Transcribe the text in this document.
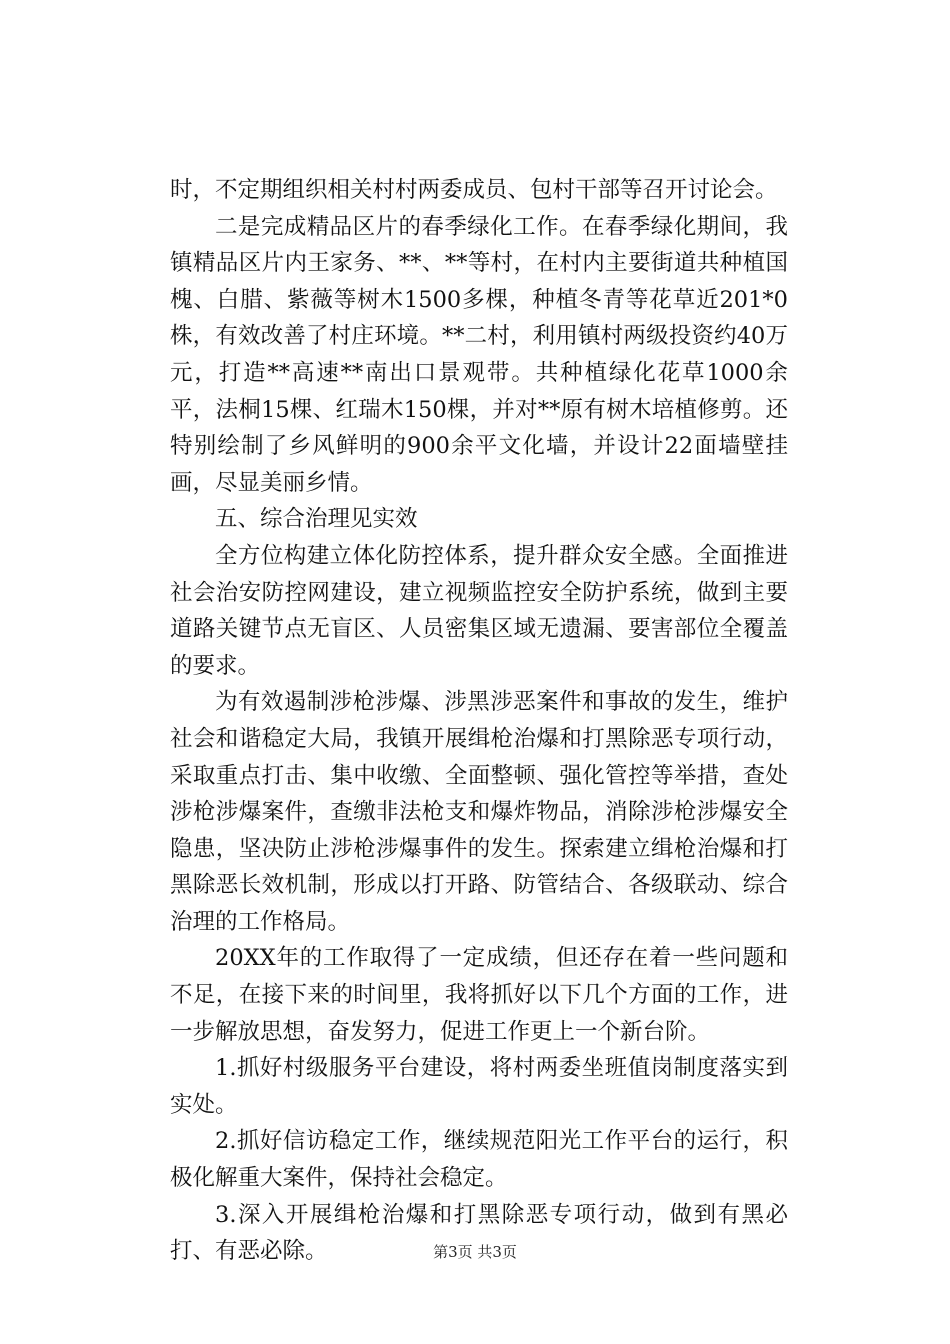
时，不定期组织相关村村两委成员、包村干部等召开讨论会。

二是完成精品区片的春季绿化工作。在春季绿化期间，我镇精品区片内王家务、**、**等村，在村内主要街道共种植国槐、白腊、紫薇等树木1500多棵，种植冬青等花草近201*0株，有效改善了村庄环境。**二村，利用镇村两级投资约40万元，打造**高速**南出口景观带。共种植绿化花草1000余平，法桐15棵、红瑞木150棵，并对**原有树木培植修剪。还特别绘制了乡风鲜明的900余平文化墙，并设计22面墙壁挂画，尽显美丽乡情。

五、综合治理见实效

全方位构建立体化防控体系，提升群众安全感。全面推进社会治安防控网建设，建立视频监控安全防护系统，做到主要道路关键节点无盲区、人员密集区域无遗漏、要害部位全覆盖的要求。

为有效遏制涉枪涉爆、涉黑涉恶案件和事故的发生，维护社会和谐稳定大局，我镇开展缉枪治爆和打黑除恶专项行动，采取重点打击、集中收缴、全面整顿、强化管控等举措，查处涉枪涉爆案件，查缴非法枪支和爆炸物品，消除涉枪涉爆安全隐患，坚决防止涉枪涉爆事件的发生。探索建立缉枪治爆和打黑除恶长效机制，形成以打开路、防管结合、各级联动、综合治理的工作格局。

20XX年的工作取得了一定成绩，但还存在着一些问题和不足，在接下来的时间里，我将抓好以下几个方面的工作，进一步解放思想，奋发努力，促进工作更上一个新台阶。

1.抓好村级服务平台建设，将村两委坐班值岗制度落实到实处。

2.抓好信访稳定工作，继续规范阳光工作平台的运行，积极化解重大案件，保持社会稳定。

3.深入开展缉枪治爆和打黑除恶专项行动，做到有黑必打、有恶必除。	第3页 共3页
